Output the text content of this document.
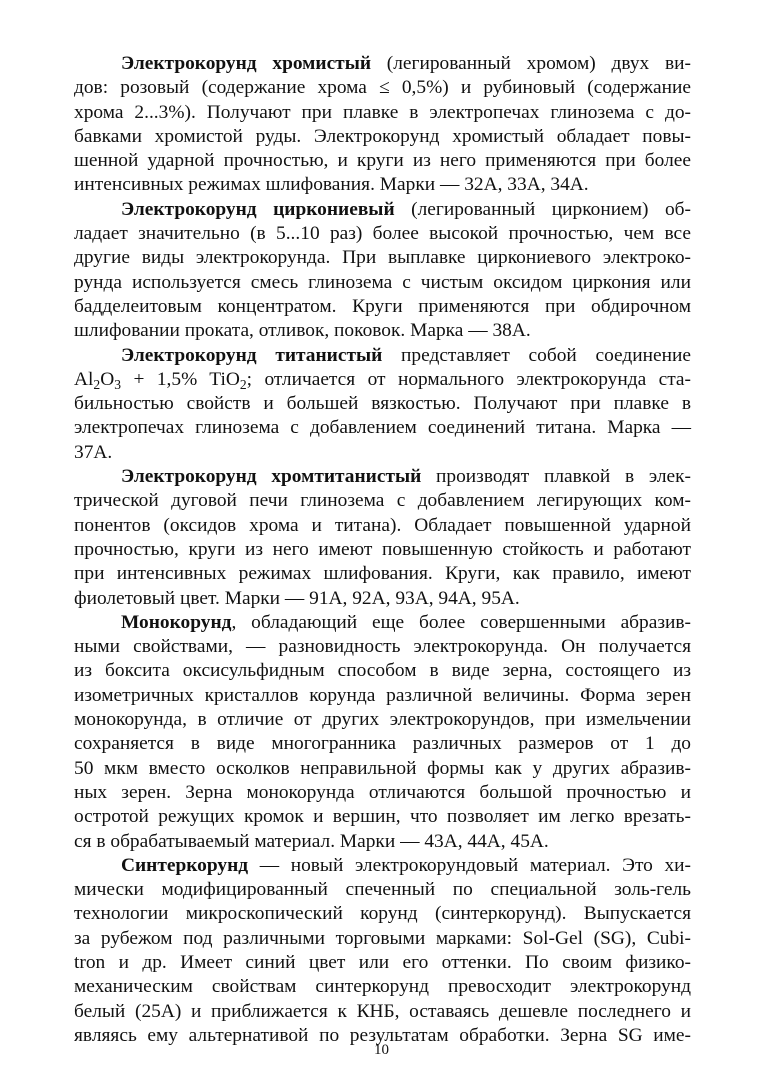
Электрокорунд хромистый (легированный хромом) двух ви-
дов: розовый (содержание хрома ≤ 0,5%) и рубиновый (содержание
хрома 2...3%). Получают при плавке в электропечах глинозема с до-
бавками хромистой руды. Электрокорунд хромистый обладает повы-
шенной ударной прочностью, и круги из него применяются при более
интенсивных режимах шлифования. Марки — 32А, 33А, 34А.
Электрокорунд циркониевый (легированный цирконием) об-
ладает значительно (в 5...10 раз) более высокой прочностью, чем все
другие виды электрокорунда. При выплавке циркониевого электроко-
рунда используется смесь глинозема с чистым оксидом циркония или
бадделеитовым концентратом. Круги применяются при обдирочном
шлифовании проката, отливок, поковок. Марка — 38А.
Электрокорунд титанистый представляет собой соединение
$Al_2O_3 + 1,5\%$ TiO$_2$; отличается от нормального электрокорунда ста-
бильностью свойств и большей вязкостью. Получают при плавке в
электропечах глинозема с добавлением соединений титана. Марка —
37А.
Электрокорунд хромтитанистый производят плавкой в элек-
трической дуговой печи глинозема с добавлением легирующих ком-
понентов (оксидов хрома и титана). Обладает повышенной ударной
прочностью, круги из него имеют повышенную стойкость и работают
при интенсивных режимах шлифования. Круги, как правило, имеют
фиолетовый цвет. Марки — 91А, 92А, 93А, 94А, 95А.
Монокорунд, обладающий еще более совершенными абразив-
ными свойствами, — разновидность электрокорунда. Он получается
из боксита оксисульфидным способом в виде зерна, состоящего из
изометричных кристаллов корунда различной величины. Форма зерен
монокорунда, в отличие от других электрокорундов, при измельчении
сохраняется в виде многогранника различных размеров от 1 до
50 мкм вместо осколков неправильной формы как у других абразив-
ных зерен. Зерна монокорунда отличаются большой прочностью и
остротой режущих кромок и вершин, что позволяет им легко врезать-
ся в обрабатываемый материал. Марки — 43А, 44А, 45А.
Синтеркорунд — новый электрокорундовый материал. Это хи-
мически модифицированный спеченный по специальной золь-гель
технологии микроскопический корунд (синтеркорунд). Выпускается
за рубежом под различными торговыми марками: Sol-Gel (SG), Cubi-
tron и др. Имеет синий цвет или его оттенки. По своим физико-
механическим свойствам синтеркорунд превосходит электрокорунд
белый (25А) и приближается к КНБ, оставаясь дешевле последнего и
являясь ему альтернативой по результатам обработки. Зерна SG име-
10
